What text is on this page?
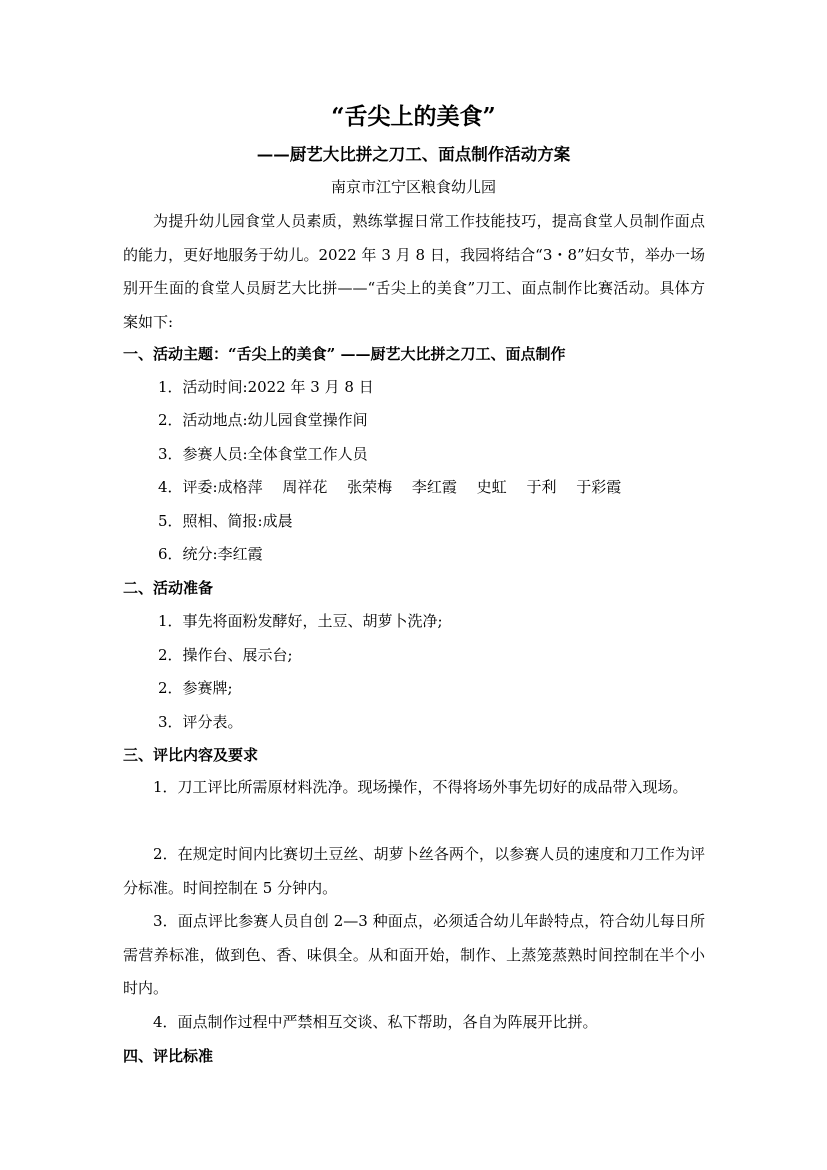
“舌尖上的美食”
——厨艺大比拼之刀工、面点制作活动方案
南京市江宁区粮食幼儿园
为提升幼儿园食堂人员素质，熟练掌握日常工作技能技巧，提高食堂人员制作面点的能力，更好地服务于幼儿。2022 年 3 月 8 日，我园将结合“3・8”妇女节，举办一场别开生面的食堂人员厨艺大比拼——“舌尖上的美食”刀工、面点制作比赛活动。具体方案如下:
一、活动主题：“舌尖上的美食” ——厨艺大比拼之刀工、面点制作
1．活动时间:2022 年 3 月 8 日
2．活动地点:幼儿园食堂操作间
3．参赛人员:全体食堂工作人员
4．评委:成格萍　 周祥花　 张荣梅　 李红霞　 史虹　 于利　 于彩霞
5．照相、简报:成晨
6．统分:李红霞
二、活动准备
1．事先将面粉发酵好，土豆、胡萝卜洗净;
2．操作台、展示台;
2．参赛牌;
3．评分表。
三、评比内容及要求
1．刀工评比所需原材料洗净。现场操作，不得将场外事先切好的成品带入现场。
2．在规定时间内比赛切土豆丝、胡萝卜丝各两个，以参赛人员的速度和刀工作为评分标准。时间控制在 5 分钟内。
3．面点评比参赛人员自创 2—3 种面点，必须适合幼儿年龄特点，符合幼儿每日所需营养标准，做到色、香、味俱全。从和面开始，制作、上蒸笼蒸熟时间控制在半个小时内。
4．面点制作过程中严禁相互交谈、私下帮助，各自为阵展开比拼。
四、评比标准
